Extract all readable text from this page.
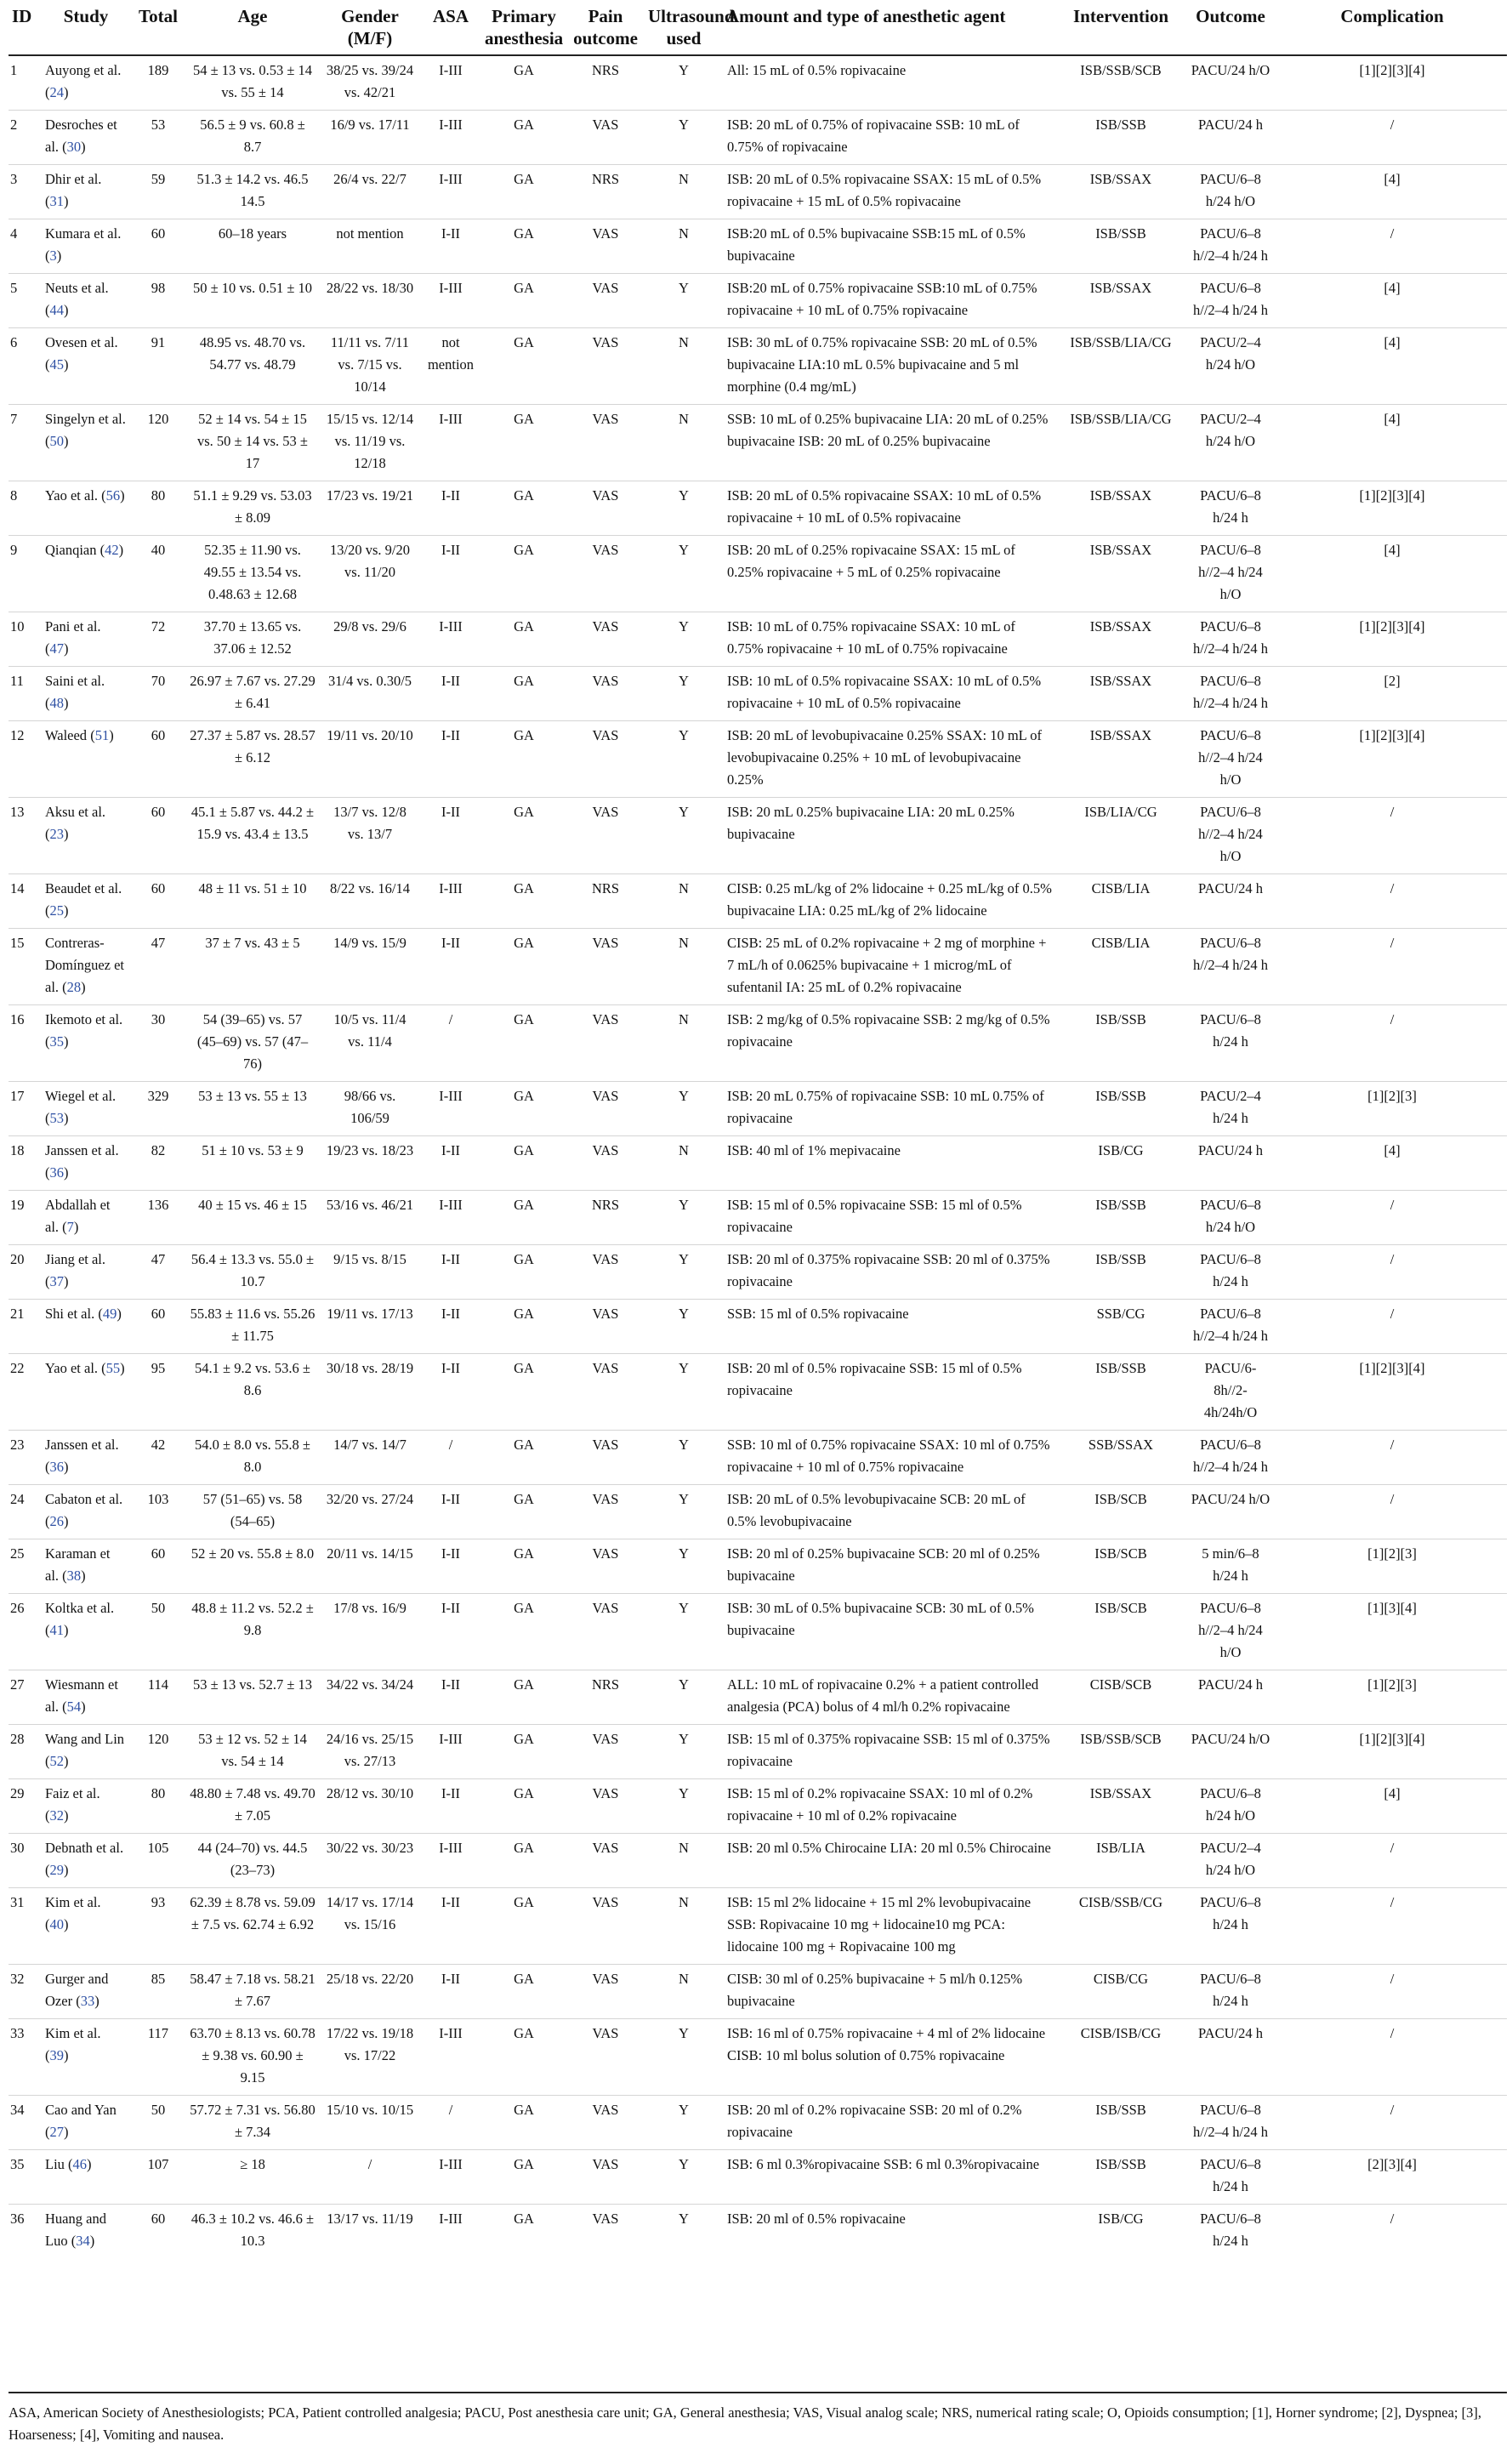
ID	Study	Total	Age	Gender (M/F)	ASA	Primary anesthesia	Pain outcome	Ultrasound used	Amount and type of anesthetic agent	Intervention	Outcome	Complication
1	Auyong et al. (24)	189	54 ± 13 vs. 0.53 ± 14 vs. 55 ± 14	38/25 vs. 39/24 vs. 42/21	I-III	GA	NRS	Y	All: 15 mL of 0.5% ropivacaine	ISB/SSB/SCB	PACU/24 h/O	[1][2][3][4]
2	Desroches et al. (30)	53	56.5 ± 9 vs. 60.8 ± 8.7	16/9 vs. 17/11	I-III	GA	VAS	Y	ISB: 20 mL of 0.75% of ropivacaine SSB: 10 mL of 0.75% of ropivacaine	ISB/SSB	PACU/24 h	/
3	Dhir et al. (31)	59	51.3 ± 14.2 vs. 46.5 14.5	26/4 vs. 22/7	I-III	GA	NRS	N	ISB: 20 mL of 0.5% ropivacaine SSAX: 15 mL of 0.5% ropivacaine + 15 mL of 0.5% ropivacaine	ISB/SSAX	PACU/6–8 h/24 h/O	[4]
4	Kumara et al. (3)	60	60–18 years	not mention	I-II	GA	VAS	N	ISB:20 mL of 0.5% bupivacaine SSB:15 mL of 0.5% bupivacaine	ISB/SSB	PACU/6–8 h//2–4 h/24 h	/
5	Neuts et al. (44)	98	50 ± 10 vs. 0.51 ± 10	28/22 vs. 18/30	I-III	GA	VAS	Y	ISB:20 mL of 0.75% ropivacaine SSB:10 mL of 0.75% ropivacaine + 10 mL of 0.75% ropivacaine	ISB/SSAX	PACU/6–8 h//2–4 h/24 h	[4]
6	Ovesen et al. (45)	91	48.95 vs. 48.70 vs. 54.77 vs. 48.79	11/11 vs. 7/11 vs. 7/15 vs. 10/14	not mention	GA	VAS	N	ISB: 30 mL of 0.75% ropivacaine SSB: 20 mL of 0.5% bupivacaine LIA:10 mL 0.5% bupivacaine and 5 ml morphine (0.4 mg/mL)	ISB/SSB/LIA/CG	PACU/2–4 h/24 h/O	[4]
7	Singelyn et al. (50)	120	52 ± 14 vs. 54 ± 15 vs. 50 ± 14 vs. 53 ± 17	15/15 vs. 12/14 vs. 11/19 vs. 12/18	I-III	GA	VAS	N	SSB: 10 mL of 0.25% bupivacaine LIA: 20 mL of 0.25% bupivacaine ISB: 20 mL of 0.25% bupivacaine	ISB/SSB/LIA/CG	PACU/2–4 h/24 h/O	[4]
8	Yao et al. (56)	80	51.1 ± 9.29 vs. 53.03 ± 8.09	17/23 vs. 19/21	I-II	GA	VAS	Y	ISB: 20 mL of 0.5% ropivacaine SSAX: 10 mL of 0.5% ropivacaine + 10 mL of 0.5% ropivacaine	ISB/SSAX	PACU/6–8 h/24 h	[1][2][3][4]
9	Qianqian (42)	40	52.35 ± 11.90 vs. 49.55 ± 13.54 vs. 0.48.63 ± 12.68	13/20 vs. 9/20 vs. 11/20	I-II	GA	VAS	Y	ISB: 20 mL of 0.25% ropivacaine SSAX: 15 mL of 0.25% ropivacaine + 5 mL of 0.25% ropivacaine	ISB/SSAX	PACU/6–8 h//2–4 h/24 h/O	[4]
10	Pani et al. (47)	72	37.70 ± 13.65 vs. 37.06 ± 12.52	29/8 vs. 29/6	I-III	GA	VAS	Y	ISB: 10 mL of 0.75% ropivacaine SSAX: 10 mL of 0.75% ropivacaine + 10 mL of 0.75% ropivacaine	ISB/SSAX	PACU/6–8 h//2–4 h/24 h	[1][2][3][4]
11	Saini et al. (48)	70	26.97 ± 7.67 vs. 27.29 ± 6.41	31/4 vs. 0.30/5	I-II	GA	VAS	Y	ISB: 10 mL of 0.5% ropivacaine SSAX: 10 mL of 0.5% ropivacaine + 10 mL of 0.5% ropivacaine	ISB/SSAX	PACU/6–8 h//2–4 h/24 h	[2]
12	Waleed (51)	60	27.37 ± 5.87 vs. 28.57 ± 6.12	19/11 vs. 20/10	I-II	GA	VAS	Y	ISB: 20 mL of levobupivacaine 0.25% SSAX: 10 mL of levobupivacaine 0.25% + 10 mL of levobupivacaine 0.25%	ISB/SSAX	PACU/6–8 h//2–4 h/24 h/O	[1][2][3][4]
13	Aksu et al. (23)	60	45.1 ± 5.87 vs. 44.2 ± 15.9 vs. 43.4 ± 13.5	13/7 vs. 12/8 vs. 13/7	I-II	GA	VAS	Y	ISB: 20 mL 0.25% bupivacaine LIA: 20 mL 0.25% bupivacaine	ISB/LIA/CG	PACU/6–8 h//2–4 h/24 h/O	/
14	Beaudet et al. (25)	60	48 ± 11 vs. 51 ± 10	8/22 vs. 16/14	I-III	GA	NRS	N	CISB: 0.25 mL/kg of 2% lidocaine + 0.25 mL/kg of 0.5% bupivacaine LIA: 0.25 mL/kg of 2% lidocaine	CISB/LIA	PACU/24 h	/
15	Contreras-Domínguez et al. (28)	47	37 ± 7 vs. 43 ± 5	14/9 vs. 15/9	I-II	GA	VAS	N	CISB: 25 mL of 0.2% ropivacaine + 2 mg of morphine + 7 mL/h of 0.0625% bupivacaine + 1 microg/mL of sufentanil IA: 25 mL of 0.2% ropivacaine	CISB/LIA	PACU/6–8 h//2–4 h/24 h	/
16	Ikemoto et al. (35)	30	54 (39–65) vs. 57 (45–69) vs. 57 (47–76)	10/5 vs. 11/4 vs. 11/4	/	GA	VAS	N	ISB: 2 mg/kg of 0.5% ropivacaine SSB: 2 mg/kg of 0.5% ropivacaine	ISB/SSB	PACU/6–8 h/24 h	/
17	Wiegel et al. (53)	329	53 ± 13 vs. 55 ± 13	98/66 vs. 106/59	I-III	GA	VAS	Y	ISB: 20 mL 0.75% of ropivacaine SSB: 10 mL 0.75% of ropivacaine	ISB/SSB	PACU/2–4 h/24 h	[1][2][3]
18	Janssen et al. (36)	82	51 ± 10 vs. 53 ± 9	19/23 vs. 18/23	I-II	GA	VAS	N	ISB: 40 ml of 1% mepivacaine	ISB/CG	PACU/24 h	[4]
19	Abdallah et al. (7)	136	40 ± 15 vs. 46 ± 15	53/16 vs. 46/21	I-III	GA	NRS	Y	ISB: 15 ml of 0.5% ropivacaine SSB: 15 ml of 0.5% ropivacaine	ISB/SSB	PACU/6–8 h/24 h/O	/
20	Jiang et al. (37)	47	56.4 ± 13.3 vs. 55.0 ± 10.7	9/15 vs. 8/15	I-II	GA	VAS	Y	ISB: 20 ml of 0.375% ropivacaine SSB: 20 ml of 0.375% ropivacaine	ISB/SSB	PACU/6–8 h/24 h	/
21	Shi et al. (49)	60	55.83 ± 11.6 vs. 55.26 ± 11.75	19/11 vs. 17/13	I-II	GA	VAS	Y	SSB: 15 ml of 0.5% ropivacaine	SSB/CG	PACU/6–8 h//2–4 h/24 h	/
22	Yao et al. (55)	95	54.1 ± 9.2 vs. 53.6 ± 8.6	30/18 vs. 28/19	I-II	GA	VAS	Y	ISB: 20 ml of 0.5% ropivacaine SSB: 15 ml of 0.5% ropivacaine	ISB/SSB	PACU/6-8h//2-4h/24h/O	[1][2][3][4]
23	Janssen et al. (36)	42	54.0 ± 8.0 vs. 55.8 ± 8.0	14/7 vs. 14/7	/	GA	VAS	Y	SSB: 10 ml of 0.75% ropivacaine SSAX: 10 ml of 0.75% ropivacaine + 10 ml of 0.75% ropivacaine	SSB/SSAX	PACU/6–8 h//2–4 h/24 h	/
24	Cabaton et al. (26)	103	57 (51–65) vs. 58 (54–65)	32/20 vs. 27/24	I-II	GA	VAS	Y	ISB: 20 mL of 0.5% levobupivacaine SCB: 20 mL of 0.5% levobupivacaine	ISB/SCB	PACU/24 h/O	/
25	Karaman et al. (38)	60	52 ± 20 vs. 55.8 ± 8.0	20/11 vs. 14/15	I-II	GA	VAS	Y	ISB: 20 ml of 0.25% bupivacaine SCB: 20 ml of 0.25% bupivacaine	ISB/SCB	5 min/6–8 h/24 h	[1][2][3]
26	Koltka et al. (41)	50	48.8 ± 11.2 vs. 52.2 ± 9.8	17/8 vs. 16/9	I-II	GA	VAS	Y	ISB: 30 mL of 0.5% bupivacaine SCB: 30 mL of 0.5% bupivacaine	ISB/SCB	PACU/6–8 h//2–4 h/24 h/O	[1][3][4]
27	Wiesmann et al. (54)	114	53 ± 13 vs. 52.7 ± 13	34/22 vs. 34/24	I-II	GA	NRS	Y	ALL: 10 mL of ropivacaine 0.2% + a patient controlled analgesia (PCA) bolus of 4 ml/h 0.2% ropivacaine	CISB/SCB	PACU/24 h	[1][2][3]
28	Wang and Lin (52)	120	53 ± 12 vs. 52 ± 14 vs. 54 ± 14	24/16 vs. 25/15 vs. 27/13	I-III	GA	VAS	Y	ISB: 15 ml of 0.375% ropivacaine SSB: 15 ml of 0.375% ropivacaine	ISB/SSB/SCB	PACU/24 h/O	[1][2][3][4]
29	Faiz et al. (32)	80	48.80 ± 7.48 vs. 49.70 ± 7.05	28/12 vs. 30/10	I-II	GA	VAS	Y	ISB: 15 ml of 0.2% ropivacaine SSAX: 10 ml of 0.2% ropivacaine + 10 ml of 0.2% ropivacaine	ISB/SSAX	PACU/6–8 h/24 h/O	[4]
30	Debnath et al. (29)	105	44 (24–70) vs. 44.5 (23–73)	30/22 vs. 30/23	I-III	GA	VAS	N	ISB: 20 ml 0.5% Chirocaine LIA: 20 ml 0.5% Chirocaine	ISB/LIA	PACU/2–4 h/24 h/O	/
31	Kim et al. (40)	93	62.39 ± 8.78 vs. 59.09 ± 7.5 vs. 62.74 ± 6.92	14/17 vs. 17/14 vs. 15/16	I-II	GA	VAS	N	ISB: 15 ml 2% lidocaine + 15 ml 2% levobupivacaine SSB: Ropivacaine 10 mg + lidocaine10 mg PCA: lidocaine 100 mg + Ropivacaine 100 mg	CISB/SSB/CG	PACU/6–8 h/24 h	/
32	Gurger and Ozer (33)	85	58.47 ± 7.18 vs. 58.21 ± 7.67	25/18 vs. 22/20	I-II	GA	VAS	N	CISB: 30 ml of 0.25% bupivacaine + 5 ml/h 0.125% bupivacaine	CISB/CG	PACU/6–8 h/24 h	/
33	Kim et al. (39)	117	63.70 ± 8.13 vs. 60.78 ± 9.38 vs. 60.90 ± 9.15	17/22 vs. 19/18 vs. 17/22	I-III	GA	VAS	Y	ISB: 16 ml of 0.75% ropivacaine + 4 ml of 2% lidocaine CISB: 10 ml bolus solution of 0.75% ropivacaine	CISB/ISB/CG	PACU/24 h	/
34	Cao and Yan (27)	50	57.72 ± 7.31 vs. 56.80 ± 7.34	15/10 vs. 10/15	/	GA	VAS	Y	ISB: 20 ml of 0.2% ropivacaine SSB: 20 ml of 0.2% ropivacaine	ISB/SSB	PACU/6–8 h//2–4 h/24 h	/
35	Liu (46)	107	≥ 18	/	I-III	GA	VAS	Y	ISB: 6 ml 0.3%ropivacaine SSB: 6 ml 0.3%ropivacaine	ISB/SSB	PACU/6–8 h/24 h	[2][3][4]
36	Huang and Luo (34)	60	46.3 ± 10.2 vs. 46.6 ± 10.3	13/17 vs. 11/19	I-III	GA	VAS	Y	ISB: 20 ml of 0.5% ropivacaine	ISB/CG	PACU/6–8 h/24 h	/
ASA, American Society of Anesthesiologists; PCA, Patient controlled analgesia; PACU, Post anesthesia care unit; GA, General anesthesia; VAS, Visual analog scale; NRS, numerical rating scale; O, Opioids consumption; [1], Horner syndrome; [2], Dyspnea; [3], Hoarseness; [4], Vomiting and nausea.
